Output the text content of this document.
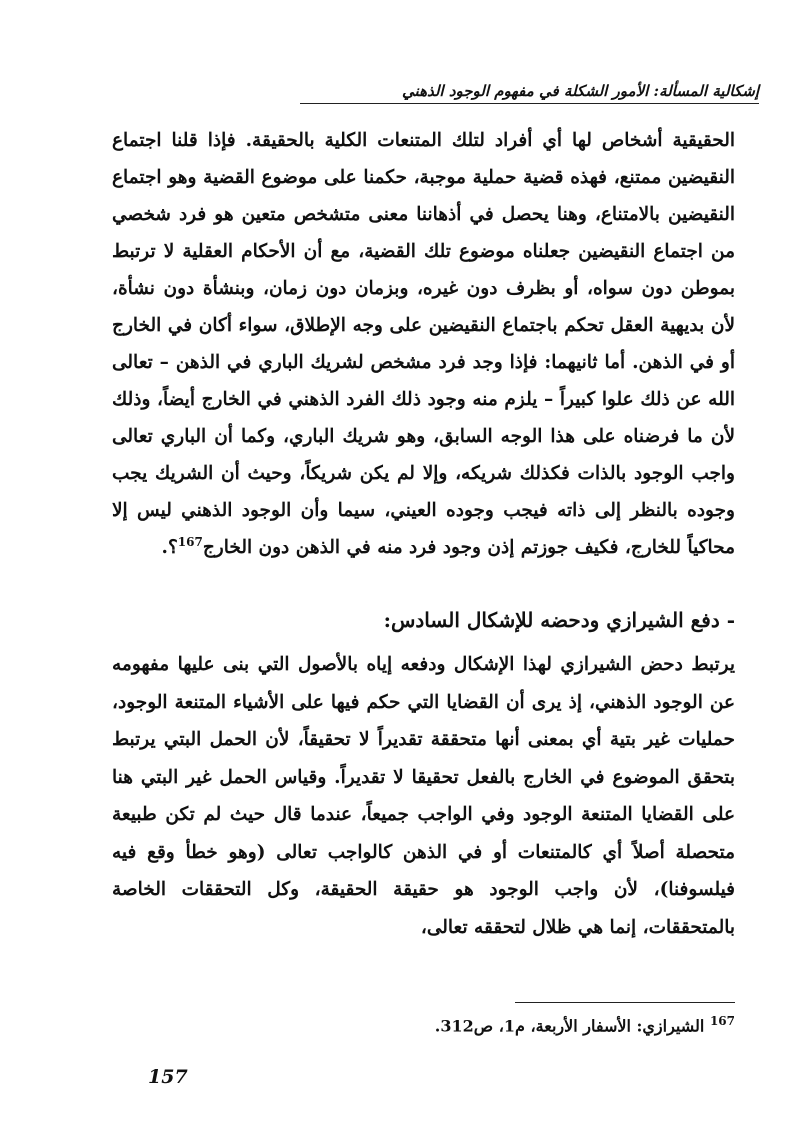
إشكالية المسألة: الأمور الشكلة في مفهوم الوجود الذهني

الحقيقية أشخاص لها أي أفراد لتلك المتنعات الكلية بالحقيقة. فإذا قلنا اجتماع النقيضين ممتنع، فهذه قضية حملية موجبة، حكمنا على موضوع القضية وهو اجتماع النقيضين بالامتناع، وهنا يحصل في أذهاننا معنى متشخص متعين هو فرد شخصي من اجتماع النقيضين جعلناه موضوع تلك القضية، مع أن الأحكام العقلية لا ترتبط بموطن دون سواه، أو بظرف دون غيره، وبزمان دون زمان، وبنشأة دون نشأة، لأن بديهية العقل تحكم باجتماع النقيضين على وجه الإطلاق، سواء أكان في الخارج أو في الذهن. أما ثانيهما: فإذا وجد فرد مشخص لشريك الباري في الذهن – تعالى الله عن ذلك علوا كبيراً – يلزم منه وجود ذلك الفرد الذهني في الخارج أيضاً، وذلك لأن ما فرضناه على هذا الوجه السابق، وهو شريك الباري، وكما أن الباري تعالى واجب الوجود بالذات فكذلك شريكه، وإلا لم يكن شريكاً، وحيث أن الشريك يجب وجوده بالنظر إلى ذاته فيجب وجوده العيني، سيما وأن الوجود الذهني ليس إلا محاكياً للخارج، فكيف جوزتم إذن وجود فرد منه في الذهن دون الخارج$^{167}$؟.

- دفع الشيرازي ودحضه للإشكال السادس:

يرتبط دحض الشيرازي لهذا الإشكال ودفعه إياه بالأصول التي بنى عليها مفهومه عن الوجود الذهني، إذ يرى أن القضايا التي حكم فيها على الأشياء المتنعة الوجود، حمليات غير بتية أي بمعنى أنها متحققة تقديراً لا تحقيقاً، لأن الحمل البتي يرتبط بتحقق الموضوع في الخارج بالفعل تحقيقا لا تقديراً. وقياس الحمل غير البتي هنا على القضايا المتنعة الوجود وفي الواجب جميعاً، عندما قال حيث لم تكن طبيعة متحصلة أصلاً أي كالمتنعات أو في الذهن كالواجب تعالى (وهو خطأ وقع فيه فيلسوفنا)، لأن واجب الوجود هو حقيقة الحقيقة، وكل التحققات الخاصة بالمتحققات، إنما هي ظلال لتحققه تعالى،

$^{167}$ الشيرازي: الأسفار الأربعة، م1، ص312.
157
